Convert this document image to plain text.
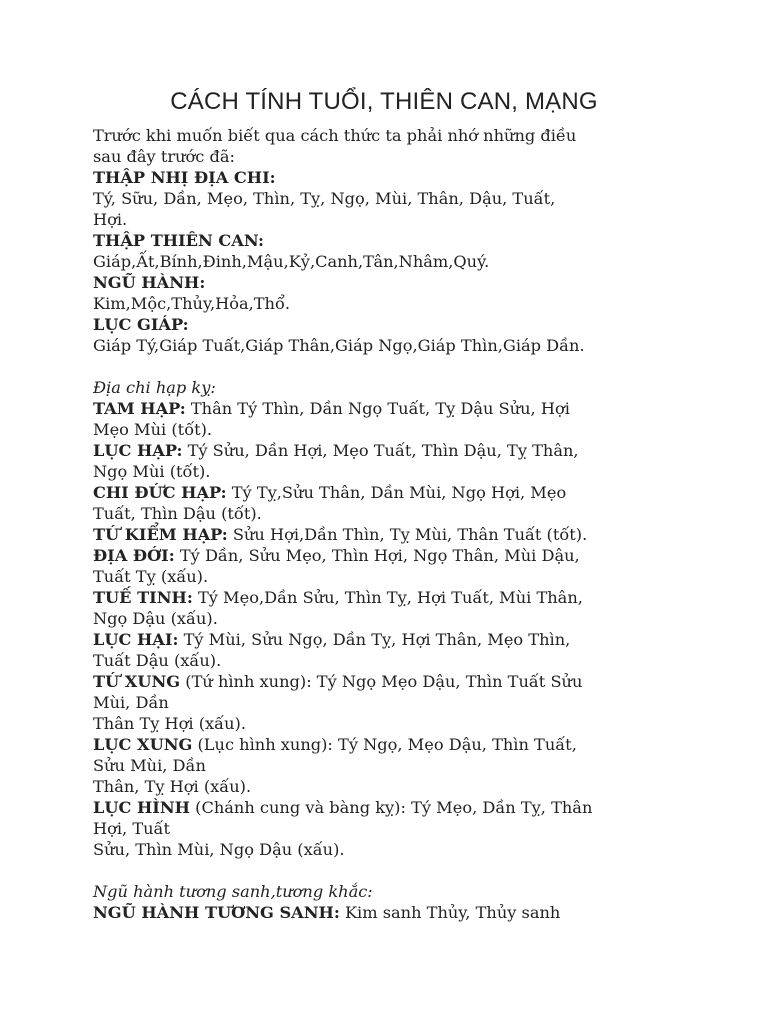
CÁCH TÍNH TUỔI, THIÊN CAN, MẠNG

Trước khi muốn biết qua cách thức ta phải nhớ những điều
sau đây trước đã:

THẬP NHỊ ĐỊA CHI:

Tý, Sữu, Dần, Mẹo, Thìn, Tỵ, Ngọ, Mùi, Thân, Dậu, Tuất,
Hợi.

THẬP THIÊN CAN:

Giáp,Ất,Bính,Đinh,Mậu,Kỷ,Canh,Tân,Nhâm,Quý.

NGŨ HÀNH:

Kim,Mộc,Thủy,Hỏa,Thổ.

LỤC GIÁP:

Giáp Tý,Giáp Tuất,Giáp Thân,Giáp Ngọ,Giáp Thìn,Giáp Dần.

Địa chi hạp kỵ:

TAM HẠP: Thân Tý Thìn, Dần Ngọ Tuất, Tỵ Dậu Sửu, Hợi
Mẹo Mùi (tốt).

LỤC HẠP: Tý Sửu, Dần Hợi, Mẹo Tuất, Thìn Dậu, Tỵ Thân,
Ngọ Mùi (tốt).

CHI ĐỨC HẠP: Tý Tỵ,Sửu Thân, Dần Mùi, Ngọ Hợi, Mẹo
Tuất, Thìn Dậu (tốt).

TỨ KIỂM HẠP: Sửu Hợi,Dần Thìn, Tỵ Mùi, Thân Tuất (tốt).

ĐỊA ĐỚI: Tý Dần, Sửu Mẹo, Thìn Hợi, Ngọ Thân, Mùi Dậu,
Tuất Tỵ (xấu).

TUẾ TINH: Tý Mẹo,Dần Sửu, Thìn Tỵ, Hợi Tuất, Mùi Thân,
Ngọ Dậu (xấu).

LỤC HẠI: Tý Mùi, Sửu Ngọ, Dần Tỵ, Hợi Thân, Mẹo Thìn,
Tuất Dậu (xấu).

TỨ XUNG (Tứ hình xung): Tý Ngọ Mẹo Dậu, Thìn Tuất Sửu
Mùi, Dần
Thân Tỵ Hợi (xấu).

LỤC XUNG (Lục hình xung): Tý Ngọ, Mẹo Dậu, Thìn Tuất,
Sửu Mùi, Dần
Thân, Tỵ Hợi (xấu).

LỤC HÌNH (Chánh cung và bàng kỵ): Tý Mẹo, Dần Tỵ, Thân
Hợi, Tuất
Sửu, Thìn Mùi, Ngọ Dậu (xấu).

Ngũ hành tương sanh,tương khắc:

NGŨ HÀNH TƯƠNG SANH: Kim sanh Thủy, Thủy sanh
